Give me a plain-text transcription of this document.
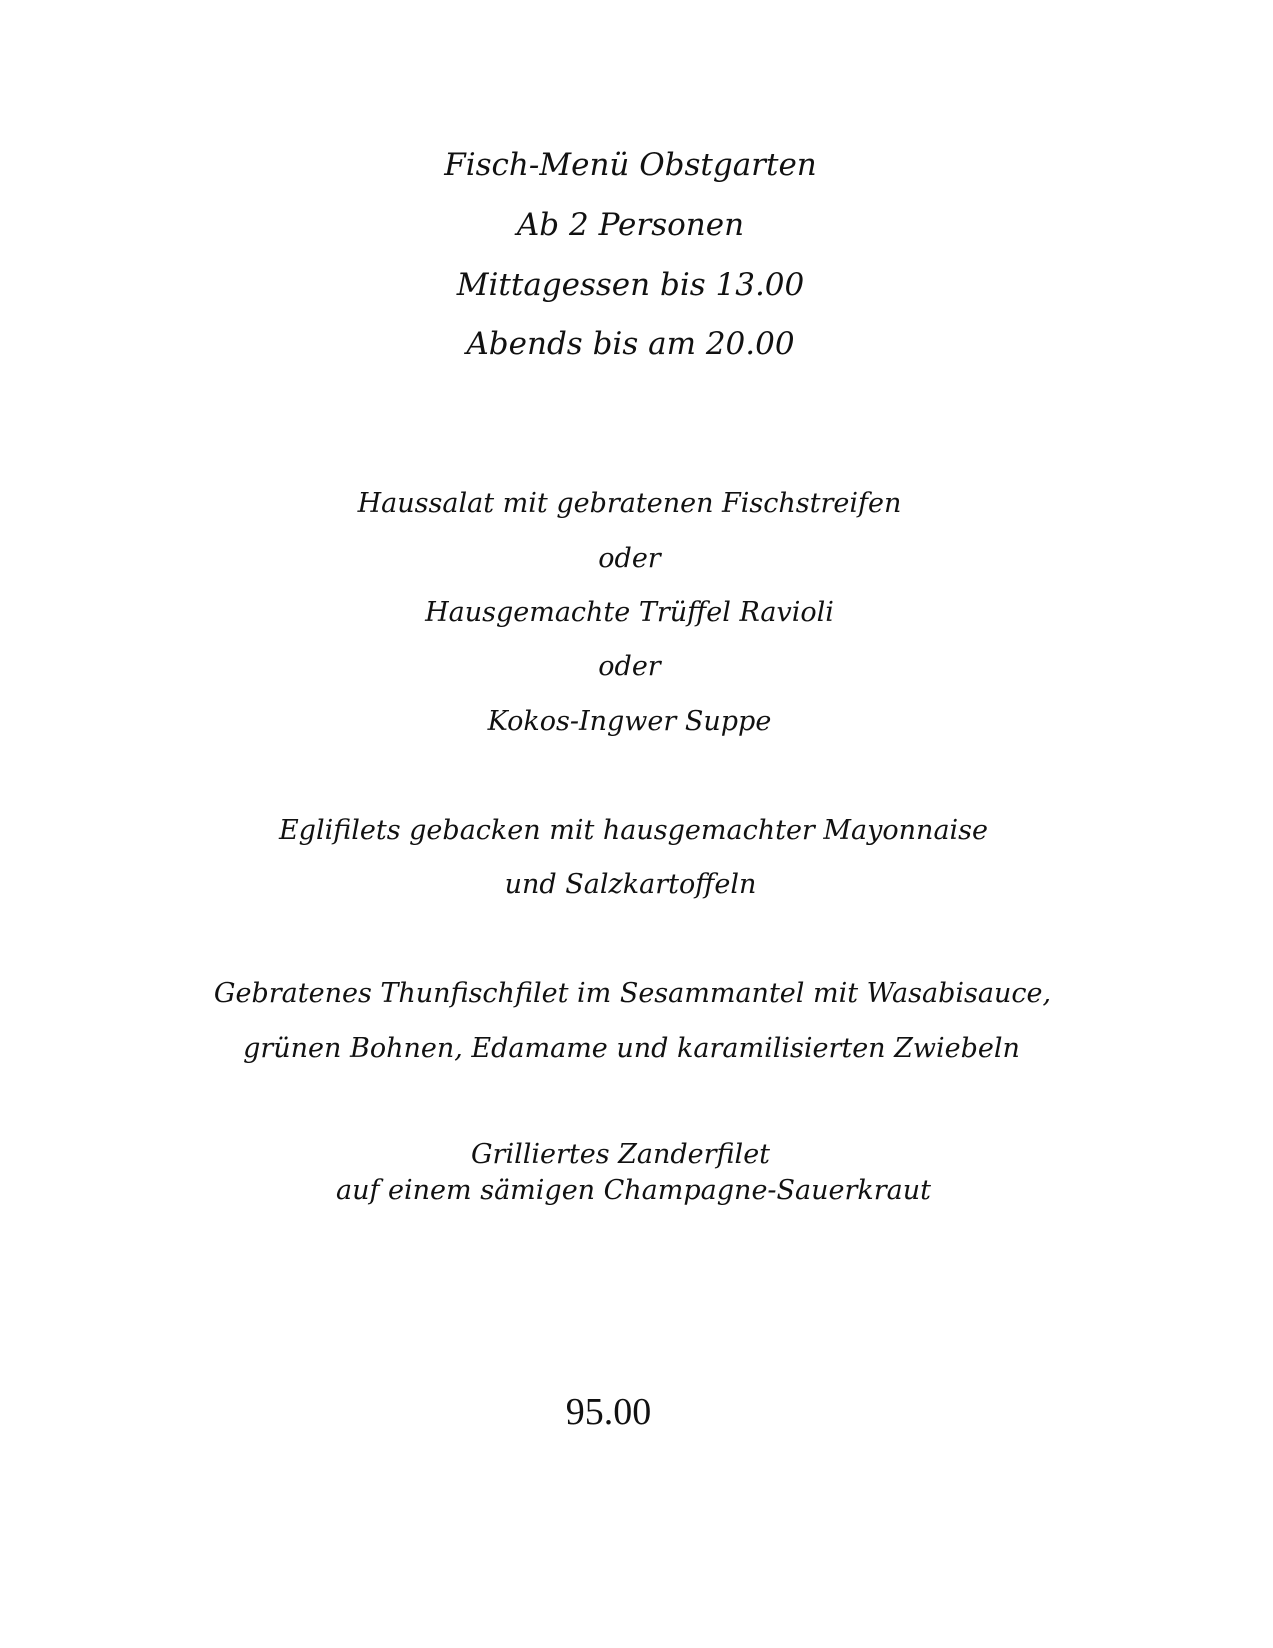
Fisch-Menü Obstgarten
Ab 2 Personen
Mittagessen bis 13.00
Abends bis am 20.00
Haussalat mit gebratenen Fischstreifen
oder
Hausgemachte Trüffel Ravioli
oder
Kokos-Ingwer Suppe
Eglifilets gebacken mit hausgemachter Mayonnaise
und Salzkartoffeln
Gebratenes Thunfischfilet im Sesammantel mit Wasabisauce,
grünen Bohnen, Edamame und karamilisierten Zwiebeln
Grilliertes Zanderfilet
auf einem sämigen Champagne-Sauerkraut
95.00
